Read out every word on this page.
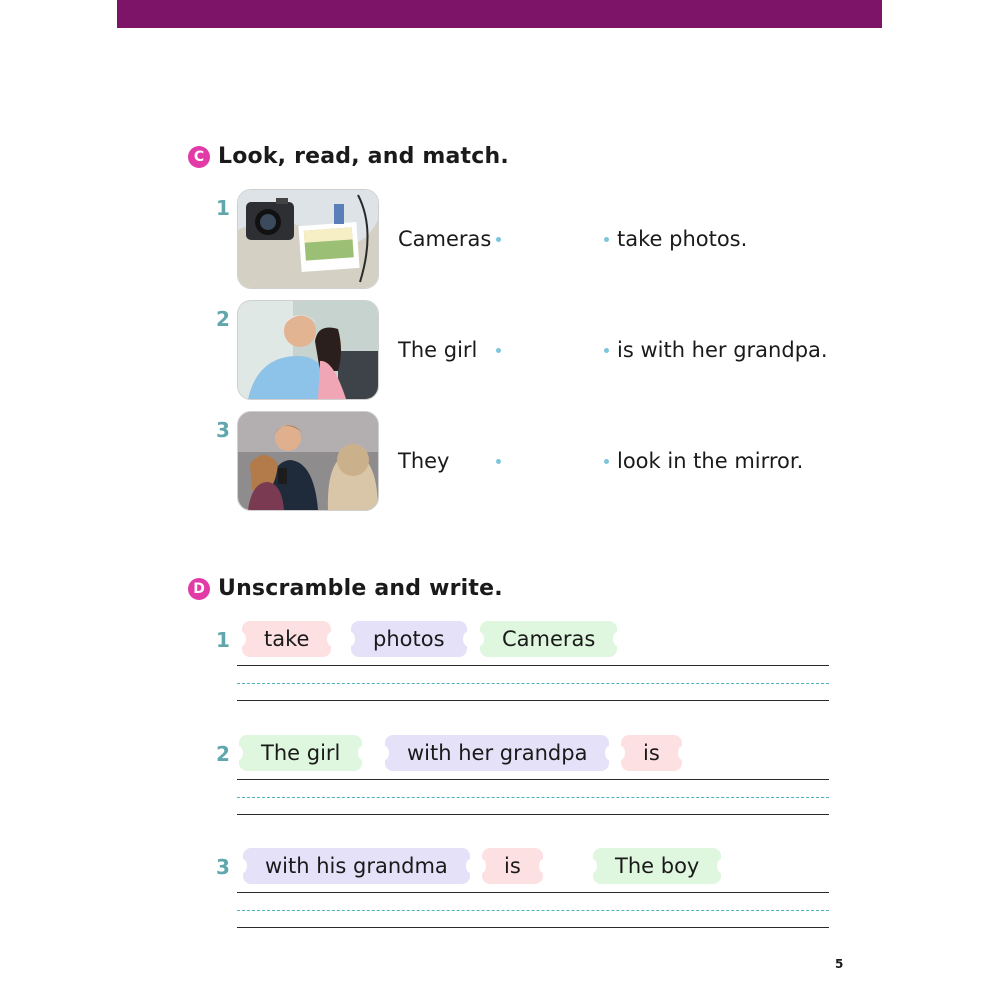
C Look, read, and match.
1
Cameras	take photos.
2
The girl	is with her grandpa.
3
They	look in the mirror.
D Unscramble and write.
1	take	photos	Cameras
2	The girl	with her grandpa	is
3	with his grandma	is	The boy
5
